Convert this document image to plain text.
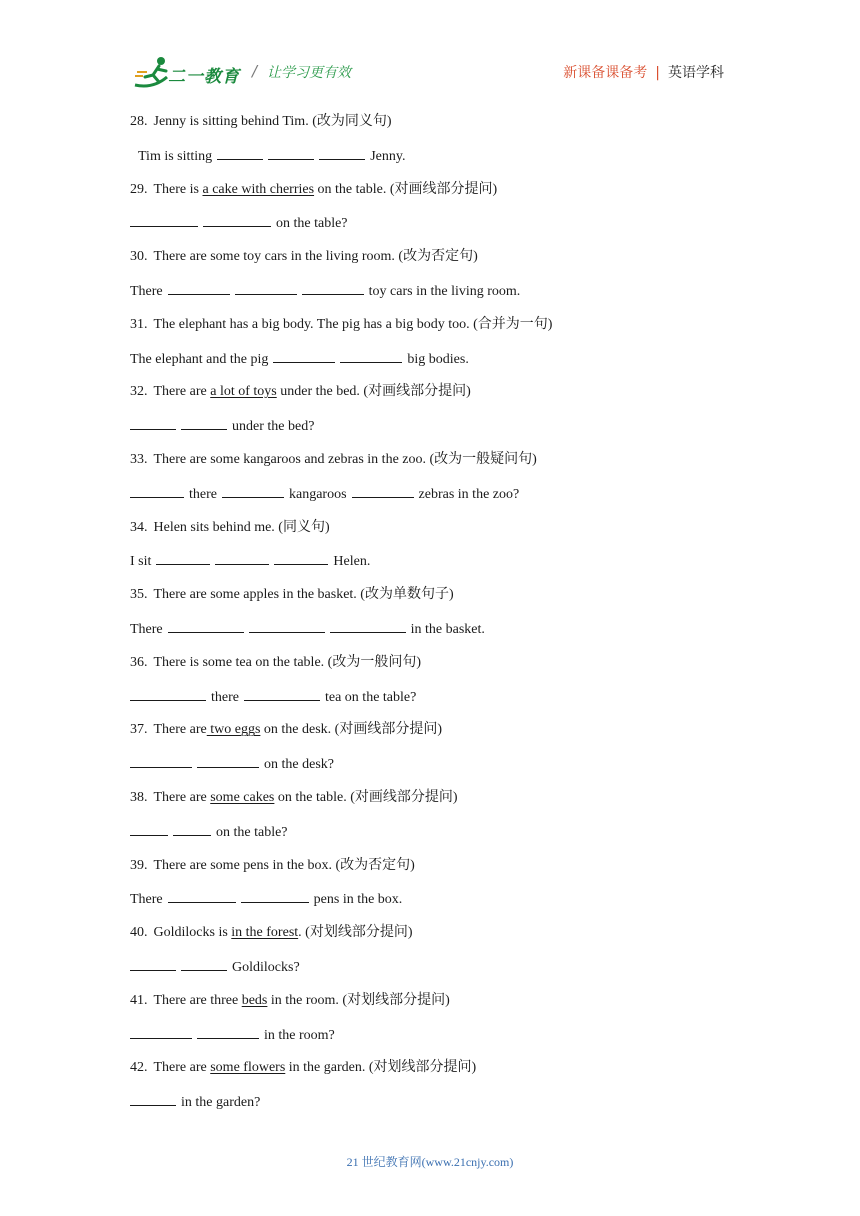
二一教育 / 让学习更有效	新课备课备考 | 英语学科
28. Jenny is sitting behind Tim. (改为同义句)
Tim is sitting	Jenny.
29. There is a cake with cherries on the table. (对画线部分提问)
on the table?
30. There are some toy cars in the living room. (改为否定句)
There	toy cars in the living room.
31. The elephant has a big body. The pig has a big body too. (合并为一句)
The elephant and the pig	big bodies.
32. There are a lot of toys under the bed. (对画线部分提问)
under the bed?
33. There are some kangaroos and zebras in the zoo. (改为一般疑问句)
there	kangaroos	zebras in the zoo?
34. Helen sits behind me. (同义句)
I sit	Helen.
35. There are some apples in the basket. (改为单数句子)
There	in the basket.
36. There is some tea on the table. (改为一般问句)
there	tea on the table?
37. There are two eggs on the desk. (对画线部分提问)
on the desk?
38. There are some cakes on the table. (对画线部分提问)
on the table?
39. There are some pens in the box. (改为否定句)
There	pens in the box.
40. Goldilocks is in the forest. (对划线部分提问)
Goldilocks?
41. There are three beds in the room. (对划线部分提问)
in the room?
42. There are some flowers in the garden. (对划线部分提问)
in the garden?
21 世纪教育网(www.21cnjy.com)
